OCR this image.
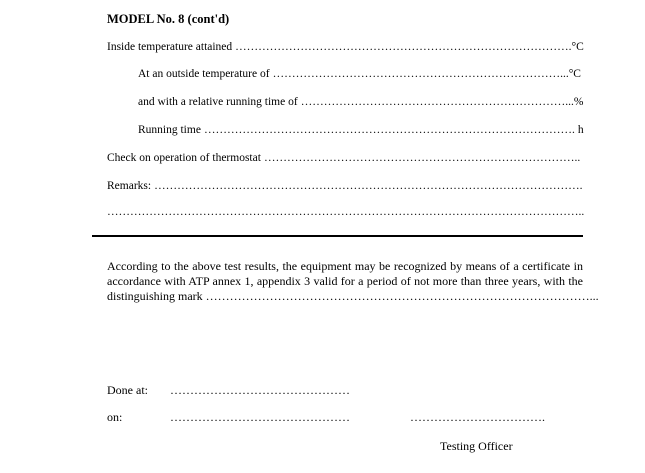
MODEL No. 8 (cont'd)
Inside temperature attained ……………………………………………………………………………. °C
At an outside temperature of …………………………………………………………………... °C
and with a relative running time of ……………………………………………………………... %
Running time ……………………………………………………………………………………. h
Check on operation of thermostat ………………………………………………………………………..
Remarks: ………………………………………………………………………………………………….
……………………………………………………………………………………………………………..
According to the above test results, the equipment may be recognized by means of a certificate in
accordance with ATP annex 1, appendix 3 valid for a period of not more than three years, with the
distinguishing mark ……………………………………………………………………………………...
Done at: ………………………………………
on:	………………………………………	…………………………….
Testing Officer
